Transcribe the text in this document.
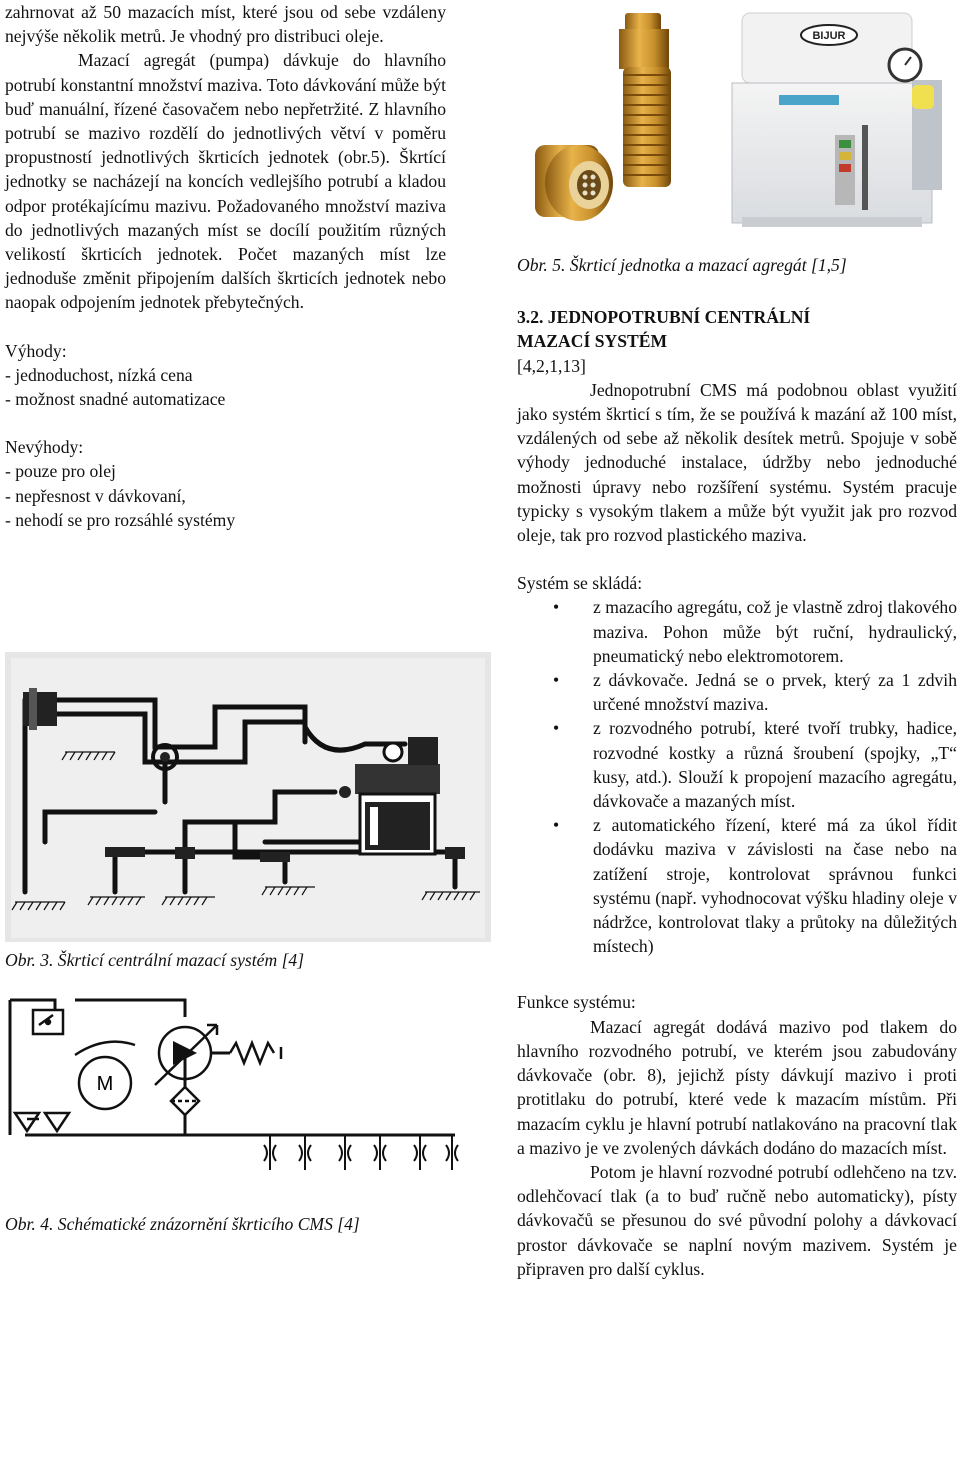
zahrnovat až 50 mazacích míst, které jsou od sebe vzdáleny nejvýše několik metrů. Je vhodný pro distribuci oleje.

Mazací agregát (pumpa) dávkuje do hlavního potrubí konstantní množství maziva. Toto dávkování může být buď manuální, řízené časovačem nebo nepřetržité. Z hlavního potrubí se mazivo rozdělí do jednotlivých větví v poměru propustností jednotlivých škrticích jednotek (obr.5). Škrtící jednotky se nacházejí na koncích vedlejšího potrubí a kladou odpor protékajícímu mazivu. Požadovaného množství maziva do jednotlivých mazaných míst se docílí použitím různých velikostí škrticích jednotek. Počet mazaných míst lze jednoduše změnit připojením dalších škrticích jednotek nebo naopak odpojením jednotek přebytečných.

Výhody:

- jednoduchost, nízká cena

- možnost snadné automatizace

Nevýhody:

- pouze pro olej

- nepřesnost v dávkovaní,

- nehodí se pro rozsáhlé systémy

Obr. 3. Škrticí centrální mazací systém [4]

M

Obr. 4. Schématické znázornění škrticího CMS [4]

BIJUR

Obr. 5. Škrticí jednotka a mazací agregát [1,5]

3.2. JEDNOPOTRUBNÍ CENTRÁLNÍ

MAZACÍ SYSTÉM

[4,2,1,13]

Jednopotrubní CMS má podobnou oblast využití jako systém škrticí s tím, že se používá k mazání až 100 míst, vzdálených od sebe až několik desítek metrů. Spojuje v sobě výhody jednoduché instalace, údržby nebo jednoduché možnosti úpravy nebo rozšíření systému. Systém pracuje typicky s vysokým tlakem a může být využit jak pro rozvod oleje, tak pro rozvod plastického maziva.

Systém se skládá:

• z mazacího agregátu, což je vlastně zdroj tlakového maziva. Pohon může být ruční, hydraulický, pneumatický nebo elektromotorem.
• z dávkovače. Jedná se o prvek, který za 1 zdvih určené množství maziva.
• z rozvodného potrubí, které tvoří trubky, hadice, rozvodné kostky a různá šroubení (spojky, „T“ kusy, atd.). Slouží k propojení mazacího agregátu, dávkovače a mazaných míst.
• z automatického řízení, které má za úkol řídit dodávku maziva v závislosti na čase nebo na zatížení stroje, kontrolovat správnou funkci systému (např. vyhodnocovat výšku hladiny oleje v nádržce, kontrolovat tlaky a průtoky na důležitých místech)

Funkce systému:

Mazací agregát dodává mazivo pod tlakem do hlavního rozvodného potrubí, ve kterém jsou zabudovány dávkovače (obr. 8), jejichž písty dávkují mazivo i proti protitlaku do potrubí, které vede k mazacím místům. Při mazacím cyklu je hlavní potrubí natlakováno na pracovní tlak a mazivo je ve zvolených dávkách dodáno do mazacích míst.

Potom je hlavní rozvodné potrubí odlehčeno na tzv. odlehčovací tlak (a to buď ručně nebo automaticky), písty dávkovačů se přesunou do své původní polohy a dávkovací prostor dávkovače se naplní novým mazivem. Systém je připraven pro další cyklus.
